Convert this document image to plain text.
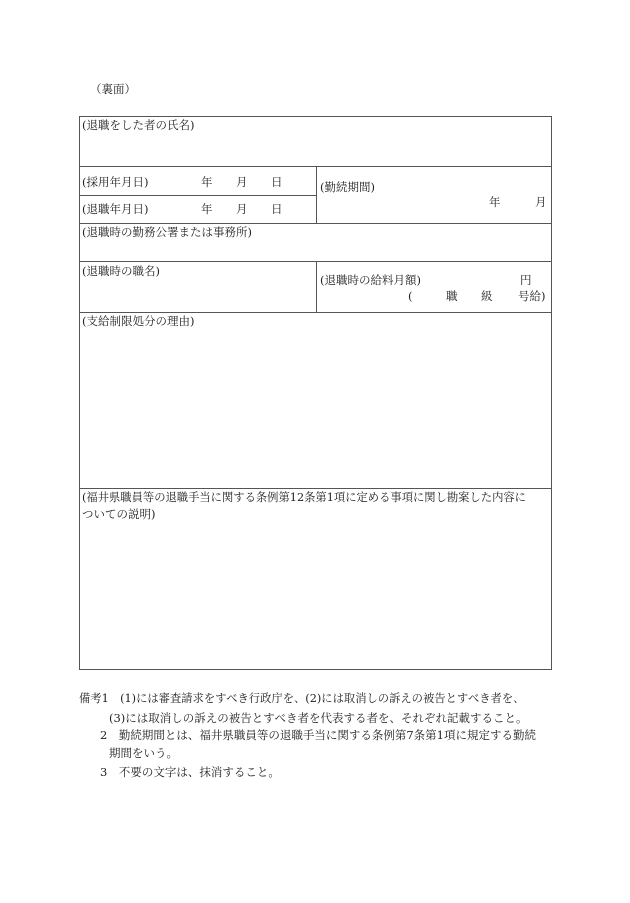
（裏面）
(退職をした者の氏名)
(採用年月日)	年 月 日
(退職年月日)	年 月 日
(勤続期間)
年	月
(退職時の勤務公署または事務所)
(退職時の職名)
(退職時の給料月額)	円
(	職 級 号給)
(支給制限処分の理由)
(福井県職員等の退職手当に関する条例第12条第1項に定める事項に関し勘案した内容に
ついての説明)
備考1　(1)には審査請求をすべき行政庁を、(2)には取消しの訴えの被告とすべき者を、
(3)には取消しの訴えの被告とすべき者を代表する者を、それぞれ記載すること。
2　勤続期間とは、福井県職員等の退職手当に関する条例第7条第1項に規定する勤続
期間をいう。
3　不要の文字は、抹消すること。
